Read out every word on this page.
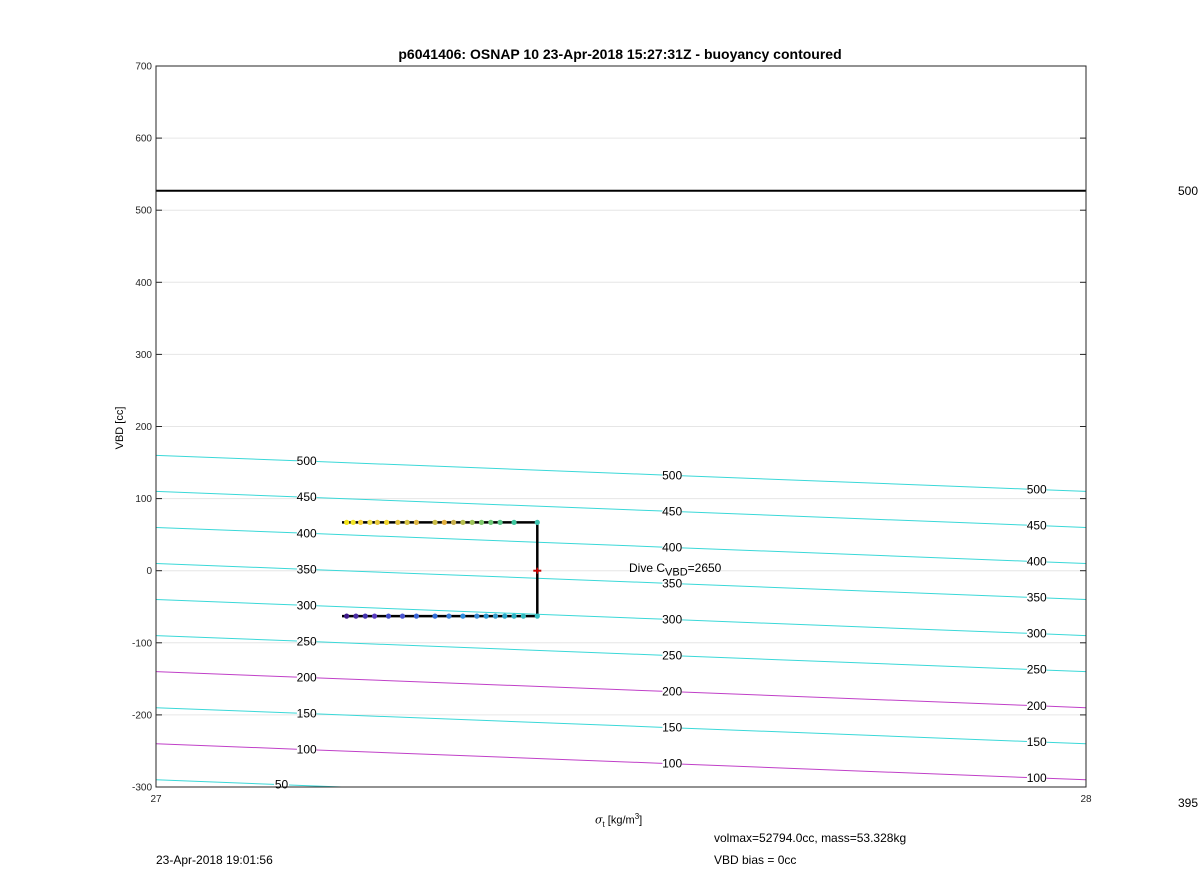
-300
-200
-100
0
100
200
300
400
500
600
700
27	28
50
100
100
100
150
150
150
200
200
200
250
250
250
300
300
300
350
350
350
400
400
400
450
450
450
500
500
500
p6041406: OSNAP 10 23-Apr-2018 15:27:31Z - buoyancy contoured
VBD [cc]
$\sigma_t$ $[kg/m^3]$
Dive $C_{VBD}=2650$
500
395
volmax=52794.0cc, mass=53.328kg
VBD bias = 0cc
23-Apr-2018 19:01:56
